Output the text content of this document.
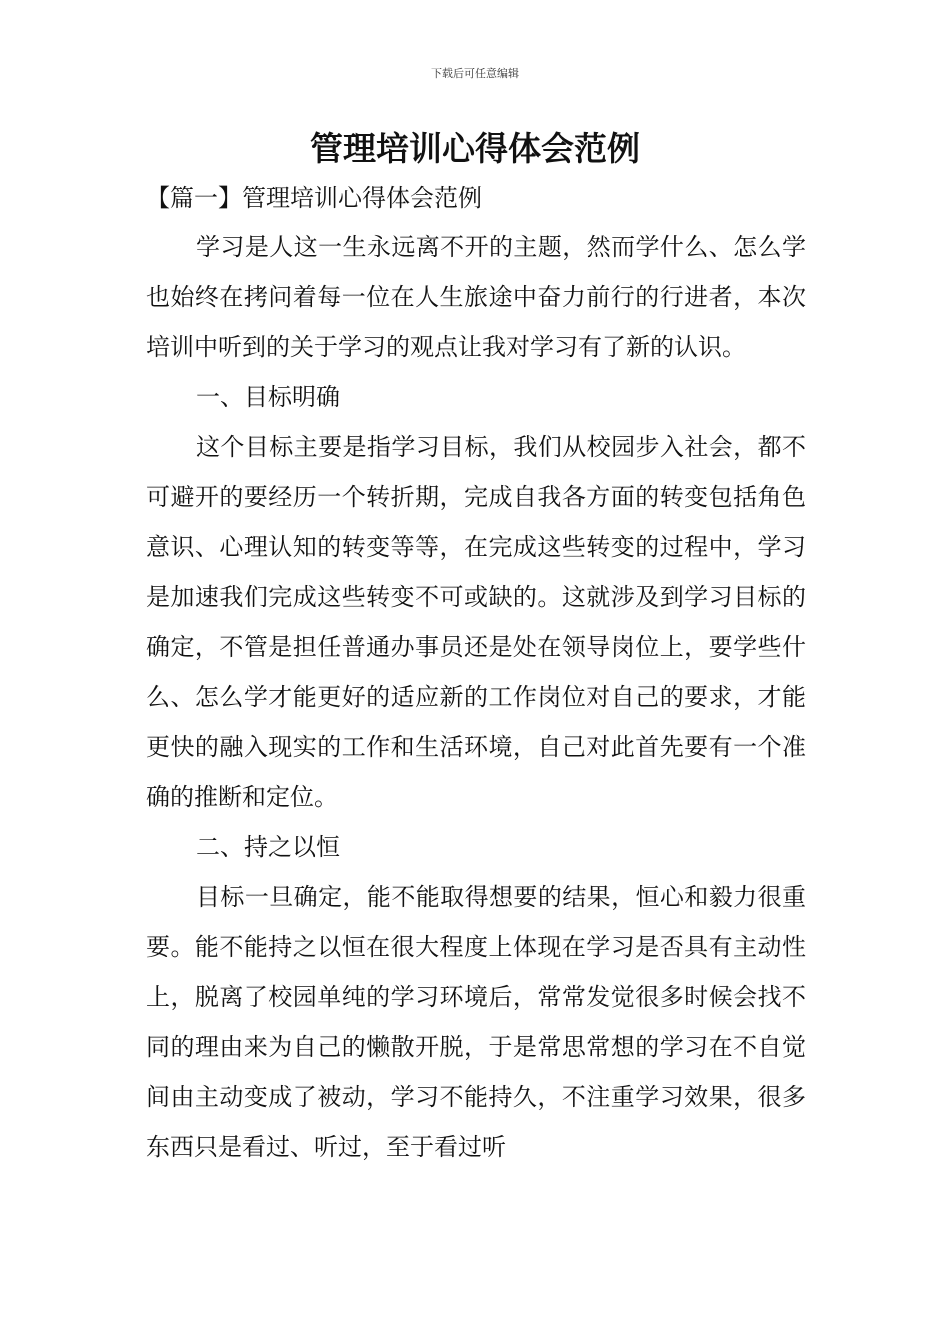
下载后可任意编辑
管理培训心得体会范例

【篇一】管理培训心得体会范例

学习是人这一生永远离不开的主题，然而学什么、怎么学也始终在拷问着每一位在人生旅途中奋力前行的行进者，本次培训中听到的关于学习的观点让我对学习有了新的认识。

一、目标明确

这个目标主要是指学习目标，我们从校园步入社会，都不可避开的要经历一个转折期，完成自我各方面的转变包括角色意识、心理认知的转变等等，在完成这些转变的过程中，学习是加速我们完成这些转变不可或缺的。这就涉及到学习目标的确定，不管是担任普通办事员还是处在领导岗位上，要学些什么、怎么学才能更好的适应新的工作岗位对自己的要求，才能更快的融入现实的工作和生活环境，自己对此首先要有一个准确的推断和定位。

二、持之以恒

目标一旦确定，能不能取得想要的结果，恒心和毅力很重要。能不能持之以恒在很大程度上体现在学习是否具有主动性上，脱离了校园单纯的学习环境后，常常发觉很多时候会找不同的理由来为自己的懒散开脱，于是常思常想的学习在不自觉间由主动变成了被动，学习不能持久，不注重学习效果，很多东西只是看过、听过，至于看过听
